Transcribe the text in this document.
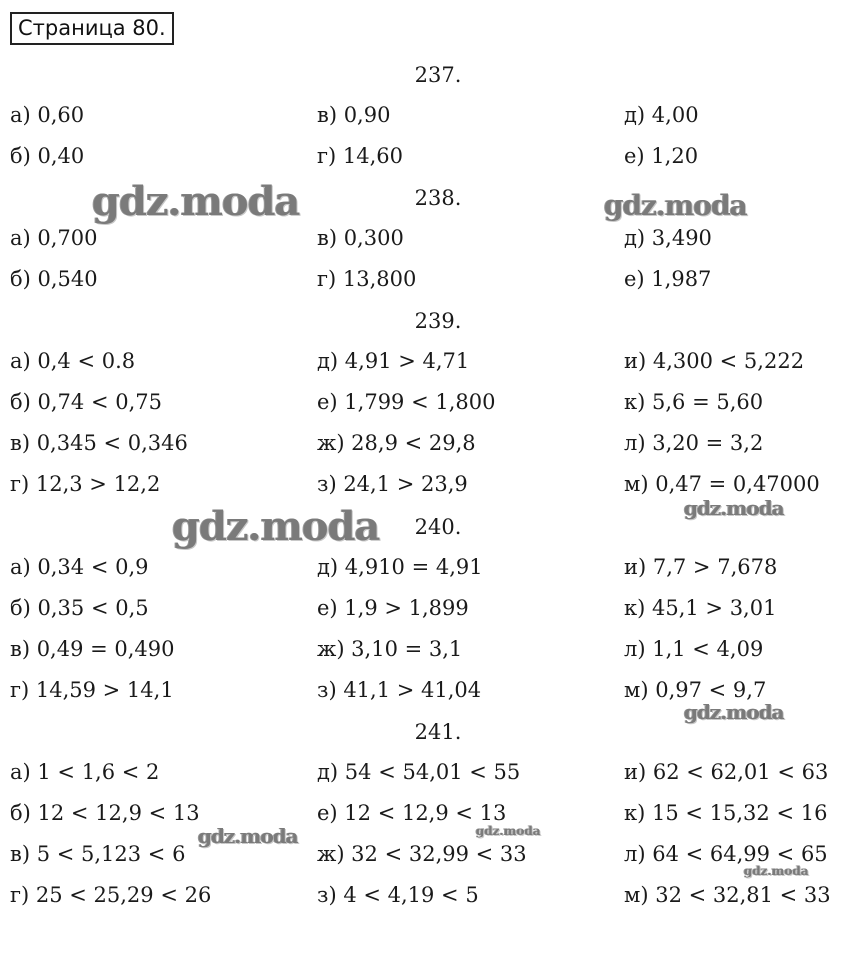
Страница 80.
237.
а) 0,60	в) 0,90	д) 4,00
б) 0,40	г) 14,60	е) 1,20
238.
а) 0,700	в) 0,300	д) 3,490
б) 0,540	г) 13,800	е) 1,987
239.
а) 0,4 < 0.8	д) 4,91 > 4,71	и) 4,300 < 5,222
б) 0,74 < 0,75	е) 1,799 < 1,800	к) 5,6 = 5,60
в) 0,345 < 0,346	ж) 28,9 < 29,8	л) 3,20 = 3,2
г) 12,3 > 12,2	з) 24,1 > 23,9	м) 0,47 = 0,47000
240.
а) 0,34 < 0,9	д) 4,910 = 4,91	и) 7,7 > 7,678
б) 0,35 < 0,5	е) 1,9 > 1,899	к) 45,1 > 3,01
в) 0,49 = 0,490	ж) 3,10 = 3,1	л) 1,1 < 4,09
г) 14,59 > 14,1	з) 41,1 > 41,04	м) 0,97 < 9,7
241.
а) 1 < 1,6 < 2	д) 54 < 54,01 < 55	и) 62 < 62,01 < 63
б) 12 < 12,9 < 13	е) 12 < 12,9 < 13	к) 15 < 15,32 < 16
в) 5 < 5,123 < 6	ж) 32 < 32,99 < 33	л) 64 < 64,99 < 65
г) 25 < 25,29 < 26	з) 4 < 4,19 < 5	м) 32 < 32,81 < 33
gdz.moda	gdz.moda
gdz.moda	gdz.moda
gdz.moda
gdz.moda	gdz.moda
gdz.moda
